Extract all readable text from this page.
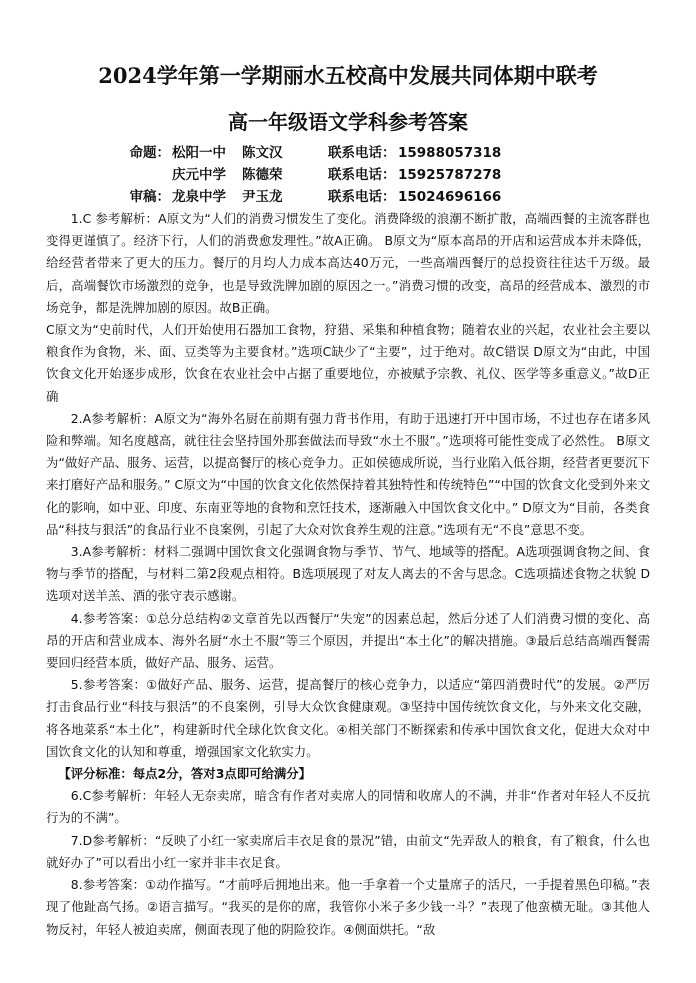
2024学年第一学期丽水五校高中发展共同体期中联考
高一年级语文学科参考答案
命题： 松阳一中	陈文汉	联系电话： 15988057318
庆元中学	陈德荣	联系电话： 15925787278
审稿： 龙泉中学	尹玉龙	联系电话： 15024696166

1.C 参考解析：A原文为“人们的消费习惯发生了变化。消费降级的浪潮不断扩散，高端西餐的主流客群也变得更谨慎了。经济下行，人们的消费愈发理性。”故A正确。 B原文为“原本高昂的开店和运营成本并未降低，给经营者带来了更大的压力。餐厅的月均人力成本高达40万元，一些高端西餐厅的总投资往往达千万级。最后，高端餐饮市场激烈的竞争，也是导致洗牌加剧的原因之一。”消费习惯的改变，高昂的经营成本、激烈的市场竞争，都是洗牌加剧的原因。故B正确。

C原文为“史前时代，人们开始使用石器加工食物，狩猎、采集和种植食物；随着农业的兴起，农业社会主要以粮食作为食物，米、面、豆类等为主要食材。”选项C缺少了“主要”，过于绝对。故C错误 D原文为“由此，中国饮食文化开始逐步成形，饮食在农业社会中占据了重要地位，亦被赋予宗教、礼仪、医学等多重意义。”故D正确

2.A参考解析：A原文为“海外名厨在前期有强力背书作用，有助于迅速打开中国市场，不过也存在诸多风险和弊端。知名度越高，就往往会坚持国外那套做法而导致“水土不服”。”选项将可能性变成了必然性。 B原文为“做好产品、服务、运营，以提高餐厅的核心竞争力。正如侯德成所说，当行业陷入低谷期，经营者更要沉下来打磨好产品和服务。” C原文为“中国的饮食文化依然保持着其独特性和传统特色”“中国的饮食文化受到外来文化的影响，如中亚、印度、东南亚等地的食物和烹饪技术，逐渐融入中国饮食文化中。” D原文为“目前，各类食品“科技与狠活”的食品行业不良案例，引起了大众对饮食养生观的注意。”选项有无“不良”意思不变。

3.A参考解析：材料二强调中国饮食文化强调食物与季节、节气、地域等的搭配。A选项强调食物之间、食物与季节的搭配，与材料二第2段观点相符。B选项展现了对友人离去的不舍与思念。C选项描述食物之状貌 D选项对送羊羔、酒的张守表示感谢。

4.参考答案：①总分总结构②文章首先以西餐厅“失宠”的因素总起，然后分述了人们消费习惯的变化、高昂的开店和营业成本、海外名厨“水土不服”等三个原因，并提出“本土化”的解决措施。③最后总结高端西餐需要回归经营本质，做好产品、服务、运营。

5.参考答案：①做好产品、服务、运营，提高餐厅的核心竞争力，以适应“第四消费时代”的发展。②严厉打击食品行业“科技与狠活”的不良案例，引导大众饮食健康观。③坚持中国传统饮食文化，与外来文化交融，将各地菜系“本土化”，构建新时代全球化饮食文化。④相关部门不断探索和传承中国饮食文化，促进大众对中国饮食文化的认知和尊重，增强国家文化软实力。

【评分标准：每点2分，答对3点即可给满分】

6.C参考解析：年轻人无奈卖席，暗含有作者对卖席人的同情和收席人的不满，并非“作者对年轻人不反抗行为的不满”。

7.D参考解析：“反映了小红一家卖席后丰衣足食的景况”错，由前文“先弄敌人的粮食，有了粮食，什么也就好办了”可以看出小红一家并非丰衣足食。

8.参考答案：①动作描写。“才前呼后拥地出来。他一手拿着一个丈量席子的活尺，一手提着黑色印稿。”表现了他趾高气扬。②语言描写。“我买的是你的席，我管你小米子多少钱一斗？”表现了他蛮横无耻。③其他人物反衬，年轻人被迫卖席，侧面表现了他的阴险狡诈。④侧面烘托。“敌
